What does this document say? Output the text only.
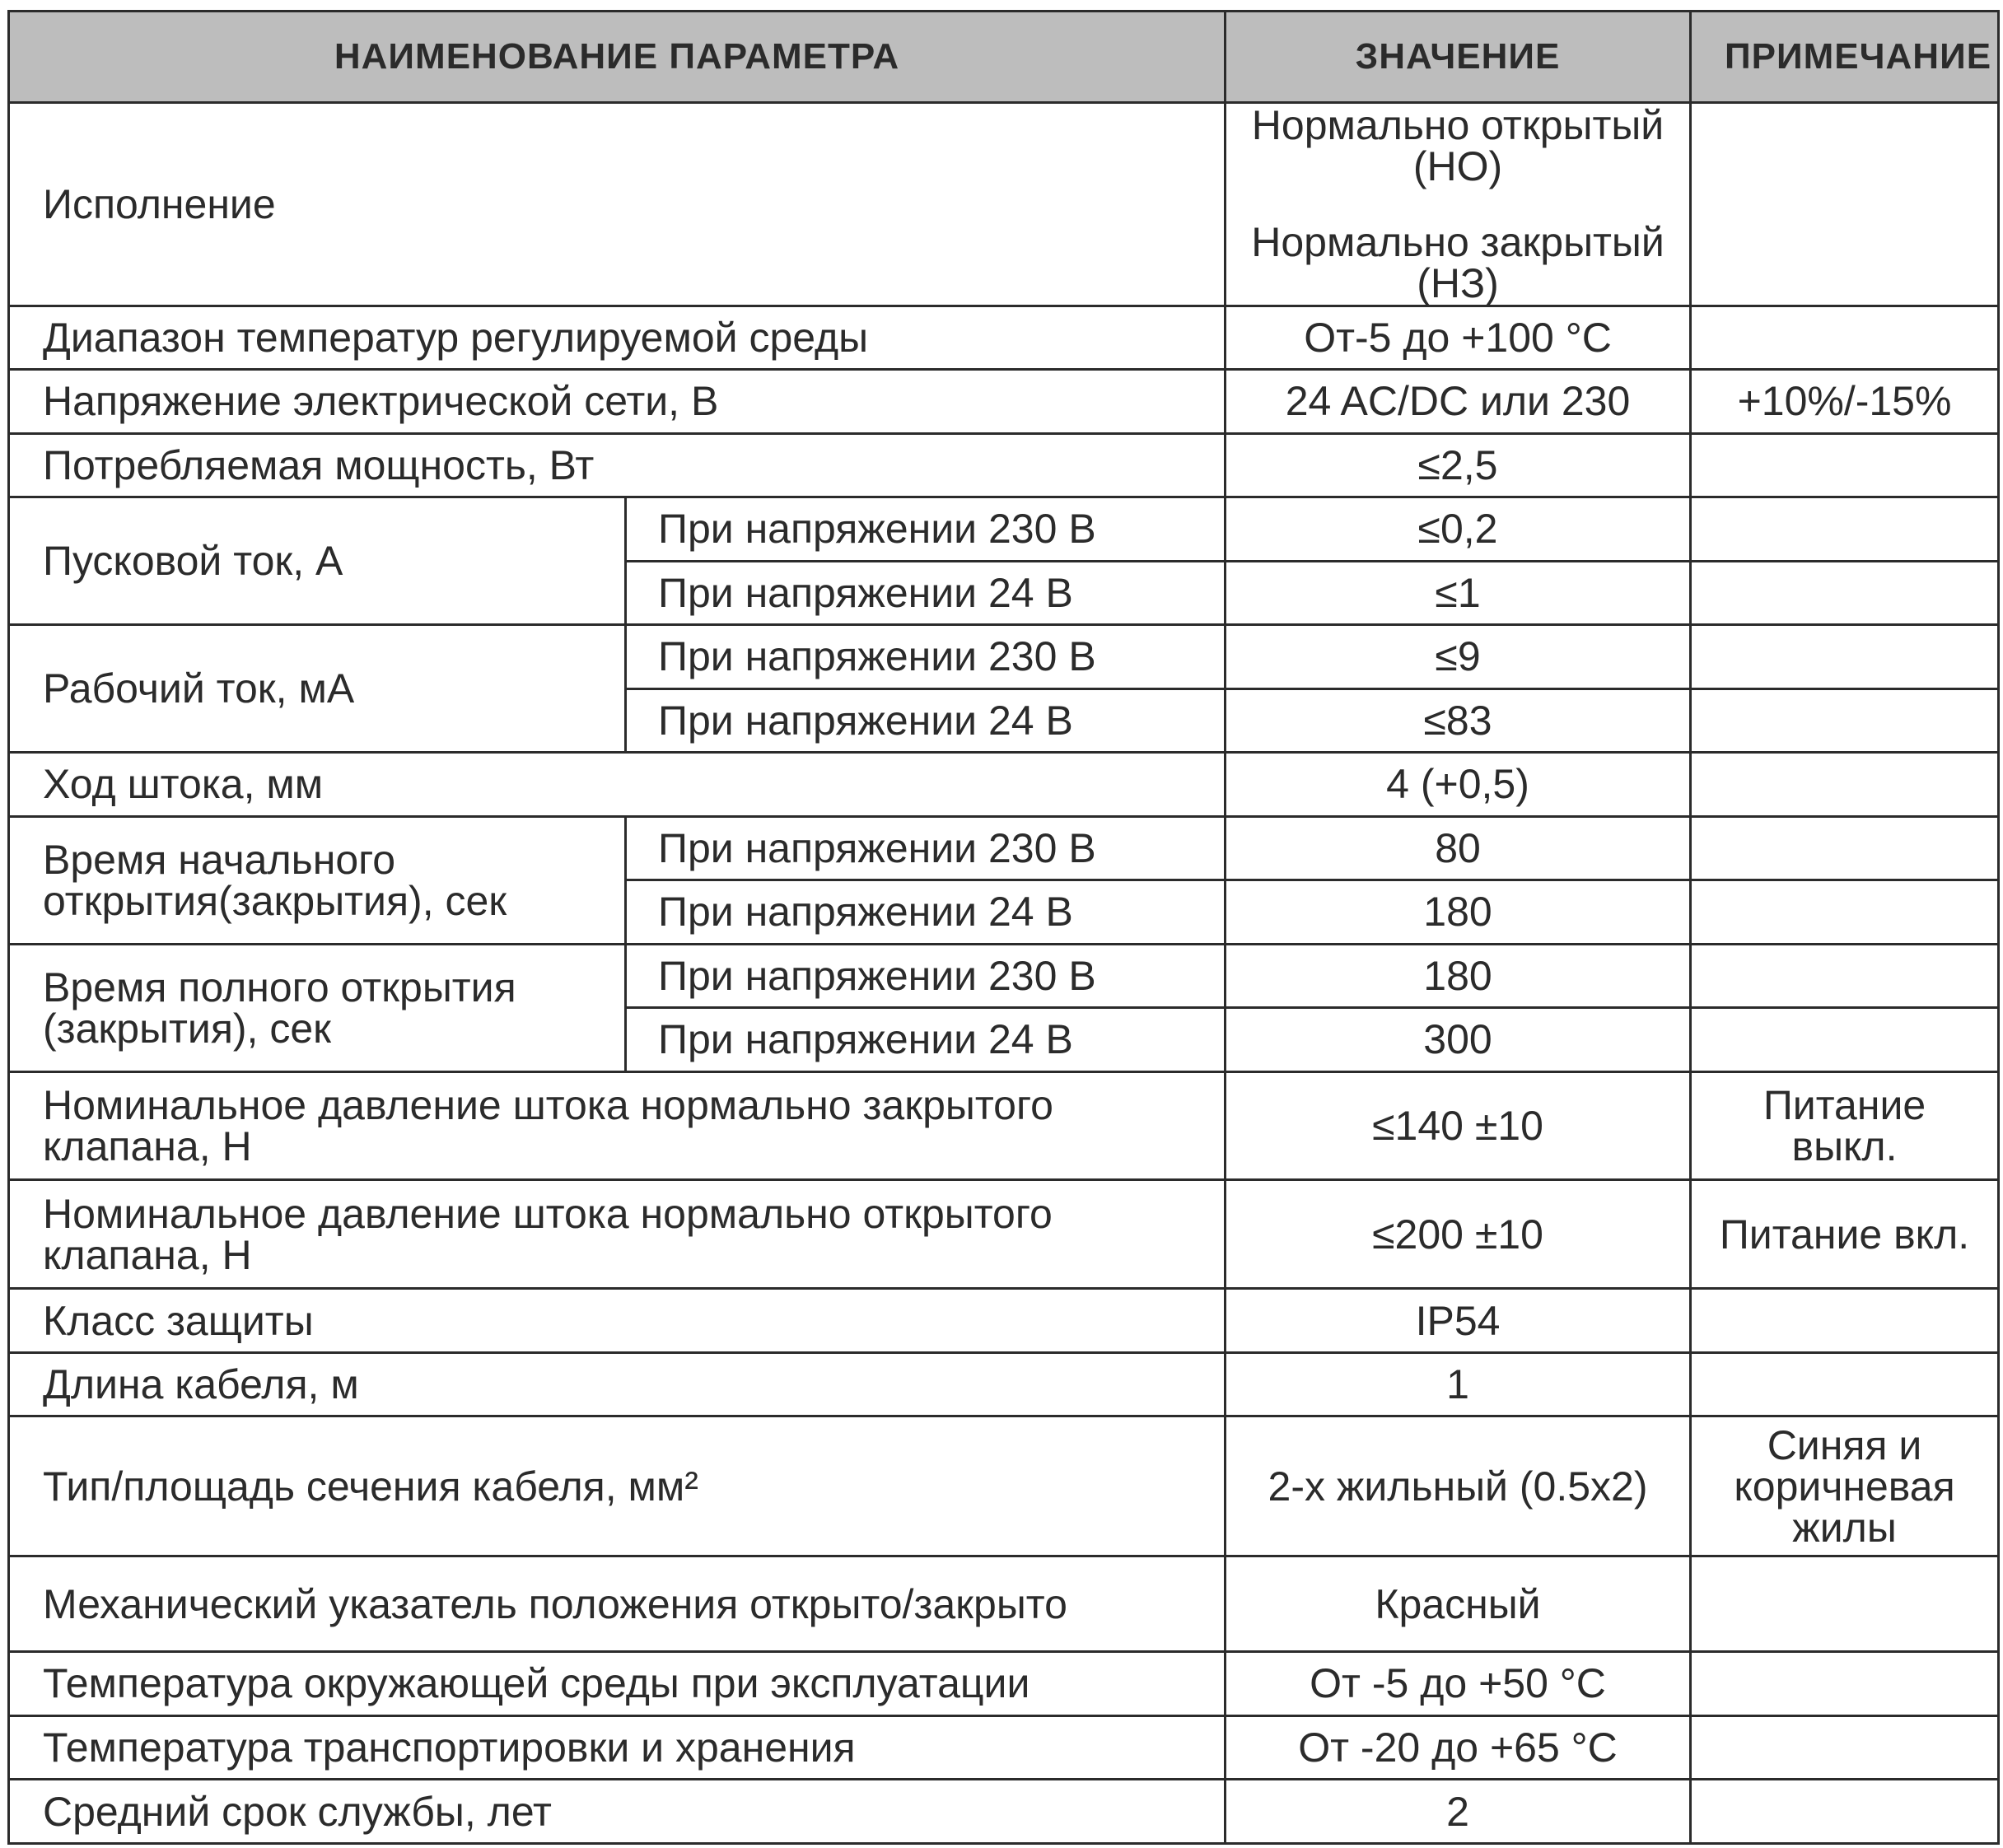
НАИМЕНОВАНИЕ ПАРАМЕТРА		ЗНАЧЕНИЕ	ПРИМЕЧАНИЕ
Исполнение		Нормально открытый (НО)
Нормально закрытый (НЗ)	

Диапазон температур регулируемой среды		От-5 до +100 °С	
Напряжение электрической сети, В		24 AC/DC или 230	+10%/-15%
Потребляемая мощность, Вт		≤2,5	
Пусковой ток, А	При напряжении 230 В	≤0,2	
	При напряжении 24 В	≤1	
Рабочий ток, мА	При напряжении 230 В	≤9	
	При напряжении 24 В	≤83	
Ход штока, мм		4 (+0,5)	
Время начального открытия(закрытия), сек	При напряжении 230 В	80	
	При напряжении 24 В	180	
Время полного открытия (закрытия), сек	При напряжении 230 В	180	
	При напряжении 24 В	300	
Номинальное давление штока нормально закрытого клапана, Н		≤140 ±10	Питание выкл.
Номинальное давление штока нормально открытого клапана, Н		≤200 ±10	Питание вкл.
Класс защиты		IP54	
Длина кабеля, м		1	
Тип/площадь сечения кабеля, мм²		2-х жильный (0.5x2)	Синяя и коричневая жилы
Механический указатель положения открыто/закрыто		Красный	
Температура окружающей среды при эксплуатации		От -5 до +50 °С	
Температура транспортировки и хранения		От -20 до +65 °С	
Средний срок службы, лет		2	
